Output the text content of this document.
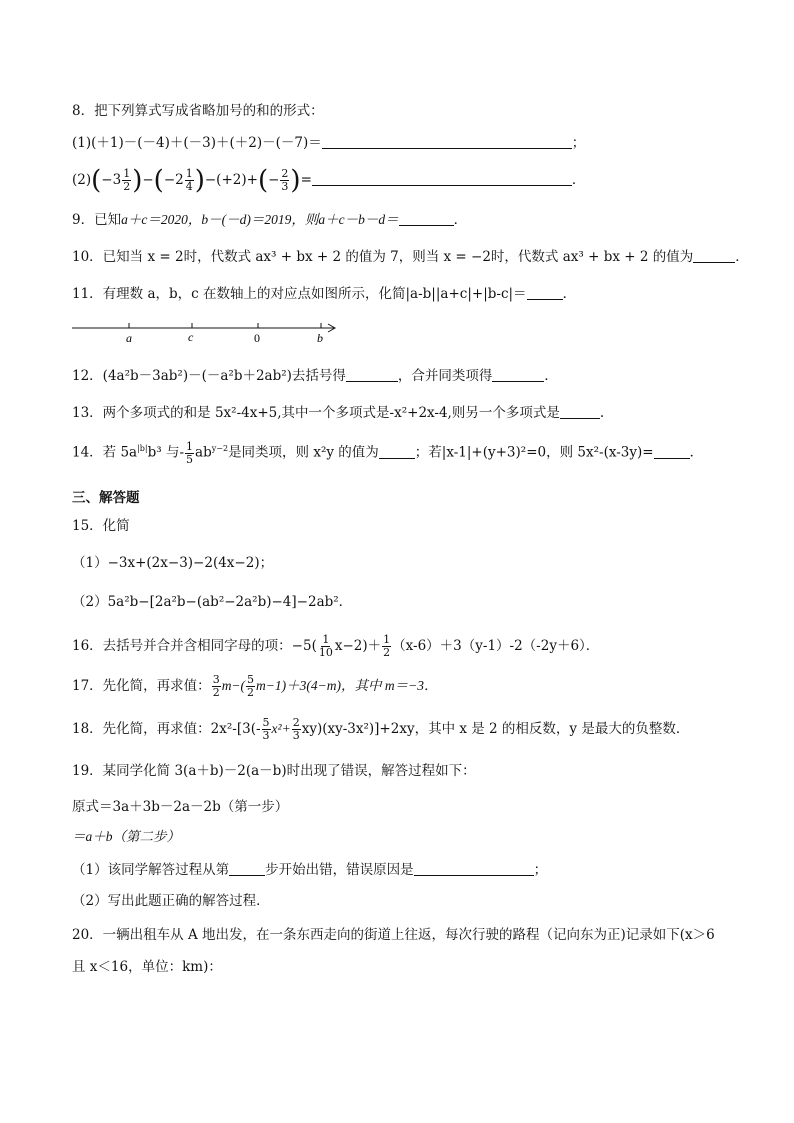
8．把下列算式写成省略加号的和的形式：
(1)(＋1)－(－4)＋(－3)＋(＋2)－(－7)＝	；
$(2)(-3 \frac{1}{2} )-(-2 \frac{1}{4} )-(+2)+(- \frac{2}{3}$ )=	．
9．已知a＋c＝2020，b－(－d)＝2019，则a＋c－b－d＝	．
10．已知当 x = 2时，代数式 ax³ + bx + 2 的值为 7，则当 x = −2时，代数式 ax³ + bx + 2 的值为	．
11．有理数 a，b，c 在数轴上的对应点如图所示，化简|a-b||a+c|+|b-c|＝	．
a	c	0	b
12．(4a²b－3ab²)－(－a²b＋2ab²)去括号得	，合并同类项得	．
13．两个多项式的和是 5x²-4x+5,其中一个多项式是-x²+2x-4,则另一个多项式是	.
14．若 $5a^{|b|}b^3$ 与- $\frac{1}{5} ab^{y-2}$是同类项，则 x²y 的值为	；若|x-1|+(y+3)²=0，则 5x²-(x-3y)=	．
三、解答题
15．化简
（1）−3x+(2x−3)−2(4x−2)；
（2）5a²b−[2a²b−(ab²−2a²b)−4]−2ab²．
16．去括号并合并含相同字母的项：$-5( \frac{1}{10} x-2)+ \frac{1}{2} (x-6)+3(y-1)-2(-2y+6)$．
17．先化简，再求值： $\frac{3}{2} m-( \frac{5}{2} m-1)+3(4-m)$，其中 m＝−3．
18．先化简，再求值：$2x^2-[3(- \frac{5}{3} x^2+ \frac{2}{3} xy)(xy-3x^2)]+2xy$，其中 x 是 2 的相反数，y 是最大的负整数．
19．某同学化简 3(a＋b)－2(a－b)时出现了错误，解答过程如下：
原式＝3a＋3b－2a－2b（第一步）
＝a＋b（第二步）
（1）该同学解答过程从第	步开始出错，错误原因是	；
（2）写出此题正确的解答过程．
20．一辆出租车从 A 地出发，在一条东西走向的街道上往返，每次行驶的路程（记向东为正)记录如下(x＞6
且 x＜16，单位：km)：
